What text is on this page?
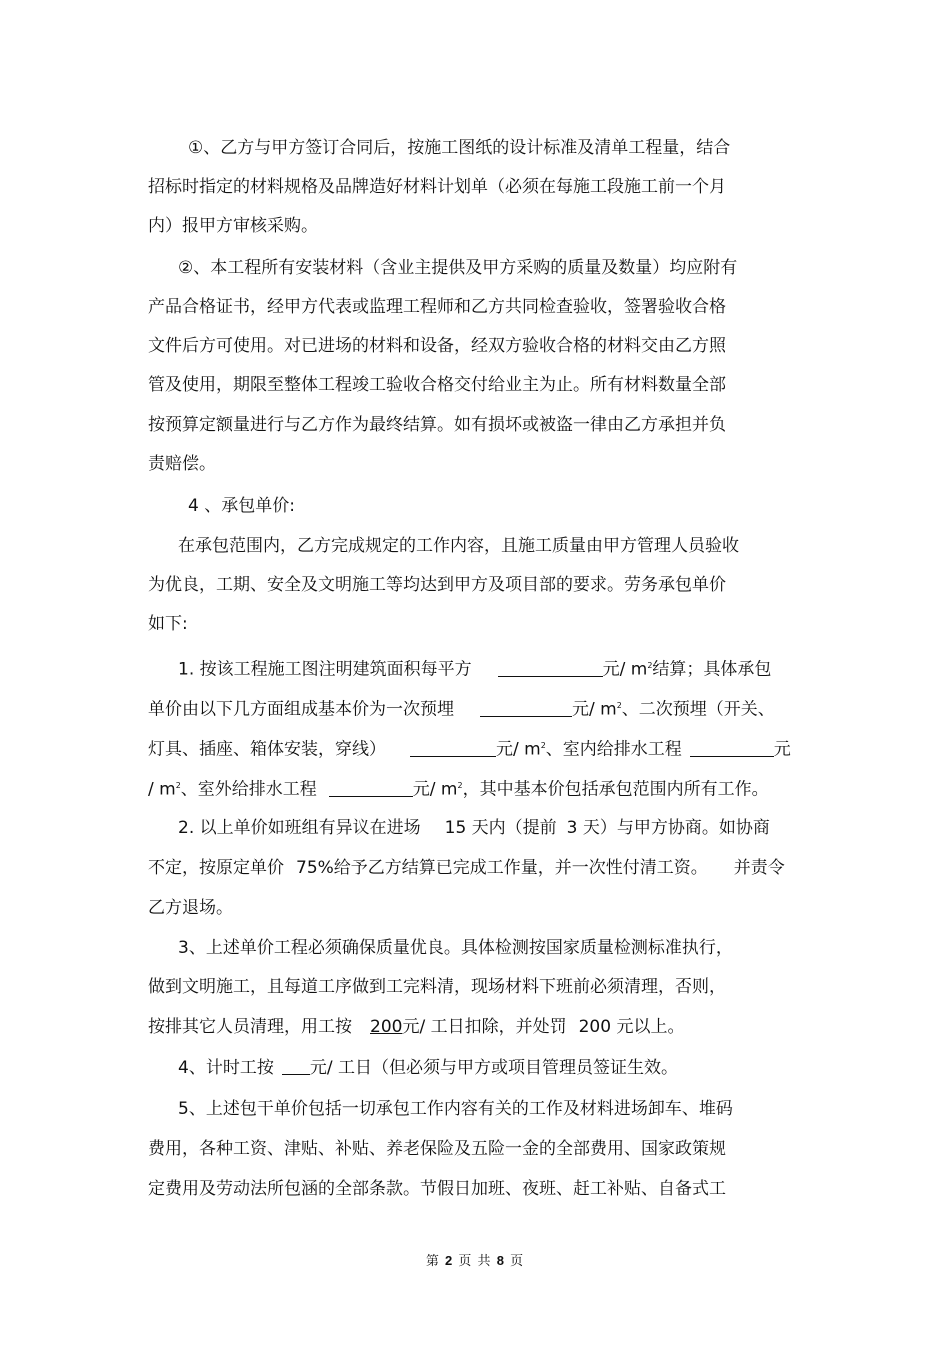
①、乙方与甲方签订合同后，按施工图纸的设计标准及清单工程量，结合
招标时指定的材料规格及品牌造好材料计划单（必须在每施工段施工前一个月
内）报甲方审核采购。
②、本工程所有安装材料（含业主提供及甲方采购的质量及数量）均应附有
产品合格证书，经甲方代表或监理工程师和乙方共同检查验收，签署验收合格
文件后方可使用。对已进场的材料和设备，经双方验收合格的材料交由乙方照
管及使用，期限至整体工程竣工验收合格交付给业主为止。所有材料数量全部
按预算定额量进行与乙方作为最终结算。如有损坏或被盗一律由乙方承担并负
责赔偿。
4 、承包单价:
在承包范围内，乙方完成规定的工作内容，且施工质量由甲方管理人员验收
为优良，工期、安全及文明施工等均达到甲方及项目部的要求。劳务承包单价
如下:
1. 按该工程施工图注明建筑面积每平方	元/ $m^2$结算；具体承包
单价由以下几方面组成基本价为一次预埋	元/ $m^2$、二次预埋（开关、
灯具、插座、箱体安装，穿线）	元/ $m^2$、室内给排水工程	元
/ $m^2$、室外给排水工程	元/ $m^2$，其中基本价包括承包范围内所有工作。
2. 以上单价如班组有异议在进场 15 天内（提前 3 天）与甲方协商。如协商
不定，按原定单价 75%给予乙方结算已完成工作量，并一次性付清工资。 并责令
乙方退场。
3、上述单价工程必须确保质量优良。具体检测按国家质量检测标准执行，
做到文明施工，且每道工序做到工完料清，现场材料下班前必须清理，否则，
按排其它人员清理，用工按 200元/ 工日扣除，并处罚 200 元以上。
4、计时工按 元/ 工日（但必须与甲方或项目管理员签证生效。
5、上述包干单价包括一切承包工作内容有关的工作及材料进场卸车、堆码
费用，各种工资、津贴、补贴、养老保险及五险一金的全部费用、国家政策规
定费用及劳动法所包涵的全部条款。节假日加班、夜班、赶工补贴、自备式工
第 2 页 共 8 页
